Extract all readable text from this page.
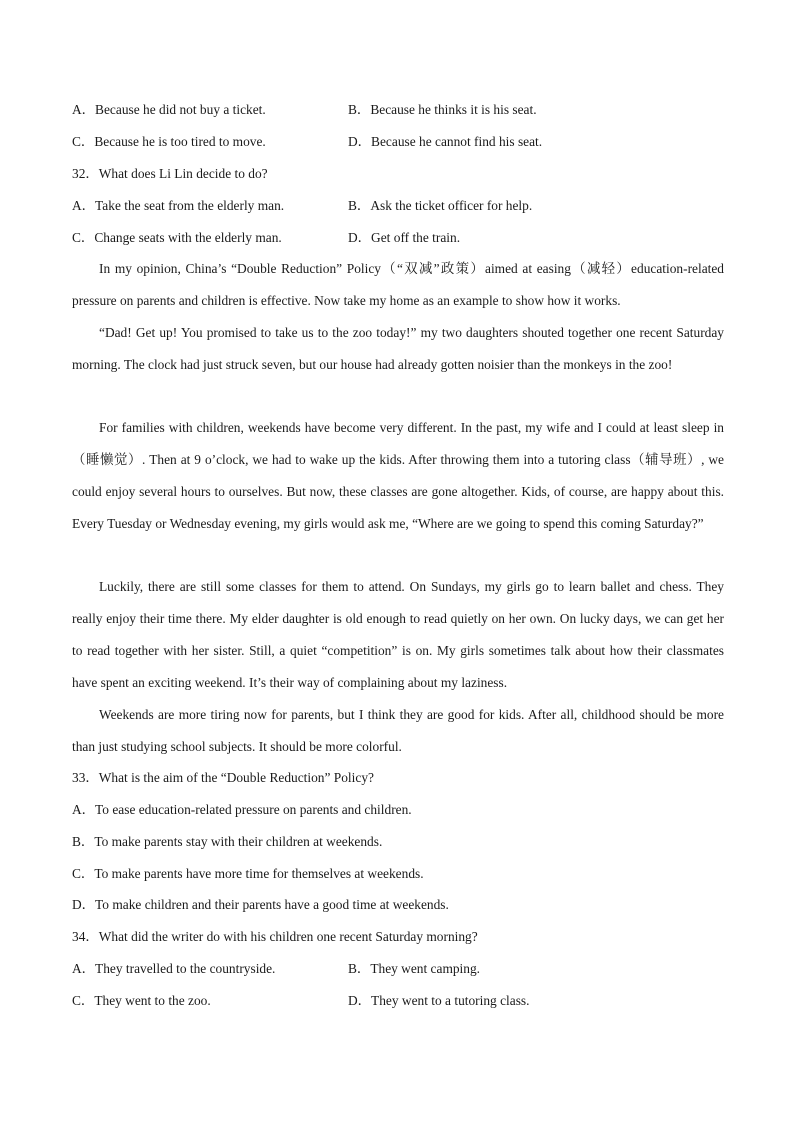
A．Because he did not buy a ticket.	B．Because he thinks it is his seat.
C．Because he is too tired to move.	D．Because he cannot find his seat.
32．What does Li Lin decide to do?
A．Take the seat from the elderly man.	B．Ask the ticket officer for help.
C．Change seats with the elderly man.	D．Get off the train.

In my opinion, China’s “Double Reduction” Policy（“双减”政策）aimed at easing（减轻）education-related pressure on parents and children is effective. Now take my home as an example to show how it works.

“Dad! Get up! You promised to take us to the zoo today!” my two daughters shouted together one recent Saturday morning. The clock had just struck seven, but our house had already gotten noisier than the monkeys in the zoo!

For families with children, weekends have become very different. In the past, my wife and I could at least sleep in（睡懒觉）. Then at 9 o’clock, we had to wake up the kids. After throwing them into a tutoring class（辅导班）, we could enjoy several hours to ourselves. But now, these classes are gone altogether. Kids, of course, are happy about this. Every Tuesday or Wednesday evening, my girls would ask me, “Where are we going to spend this coming Saturday?”

Luckily, there are still some classes for them to attend. On Sundays, my girls go to learn ballet and chess. They really enjoy their time there. My elder daughter is old enough to read quietly on her own. On lucky days, we can get her to read together with her sister. Still, a quiet “competition” is on. My girls sometimes talk about how their classmates have spent an exciting weekend. It’s their way of complaining about my laziness.

Weekends are more tiring now for parents, but I think they are good for kids. After all, childhood should be more than just studying school subjects. It should be more colorful.

33．What is the aim of the “Double Reduction” Policy?
A．To ease education-related pressure on parents and children.
B．To make parents stay with their children at weekends.
C．To make parents have more time for themselves at weekends.
D．To make children and their parents have a good time at weekends.
34．What did the writer do with his children one recent Saturday morning?
A．They travelled to the countryside.	B．They went camping.
C．They went to the zoo.	D．They went to a tutoring class.
